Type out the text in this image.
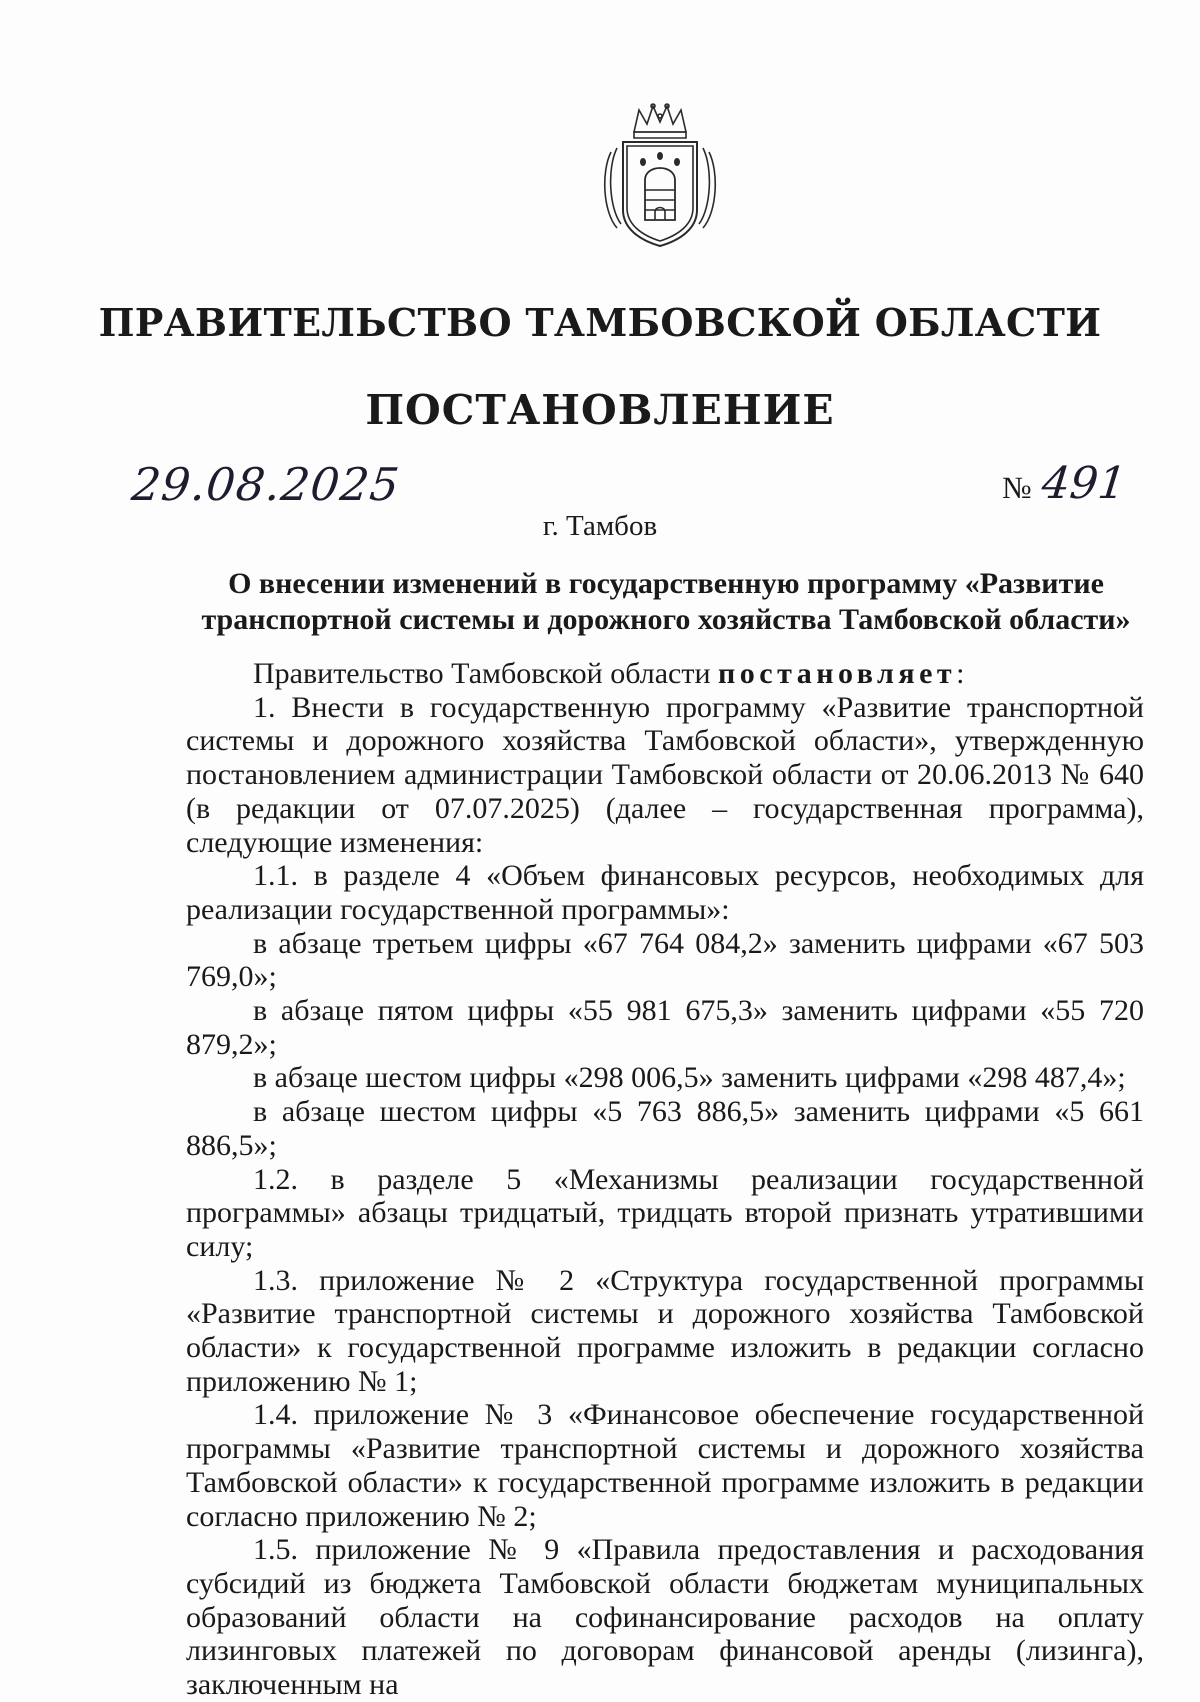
ПРАВИТЕЛЬСТВО ТАМБОВСКОЙ ОБЛАСТИ
ПОСТАНОВЛЕНИЕ
29.08.2025	№ 491
г. Тамбов
О внесении изменений в государственную программу «Развитие
транспортной системы и дорожного хозяйства Тамбовской области»

Правительство Тамбовской области постановляет:

1. Внести в государственную программу «Развитие транспортной системы и дорожного хозяйства Тамбовской области», утвержденную постановлением администрации Тамбовской области от 20.06.2013 № 640 (в редакции от 07.07.2025) (далее – государственная программа), следующие изменения:

1.1. в разделе 4 «Объем финансовых ресурсов, необходимых для реализации государственной программы»:

в абзаце третьем цифры «67 764 084,2» заменить цифрами «67 503 769,0»;

в абзаце пятом цифры «55 981 675,3» заменить цифрами «55 720 879,2»;

в абзаце шестом цифры «298 006,5» заменить цифрами «298 487,4»;

в абзаце шестом цифры «5 763 886,5» заменить цифрами «5 661 886,5»;

1.2. в разделе 5 «Механизмы реализации государственной программы» абзацы тридцатый, тридцать второй признать утратившими силу;

1.3. приложение № 2 «Структура государственной программы «Развитие транспортной системы и дорожного хозяйства Тамбовской области» к государственной программе изложить в редакции согласно приложению № 1;

1.4. приложение № 3 «Финансовое обеспечение государственной программы «Развитие транспортной системы и дорожного хозяйства Тамбовской области» к государственной программе изложить в редакции согласно приложению № 2;

1.5. приложение № 9 «Правила предоставления и расходования субсидий из бюджета Тамбовской области бюджетам муниципальных образований области на софинансирование расходов на оплату лизинговых платежей по договорам финансовой аренды (лизинга), заключенным на
